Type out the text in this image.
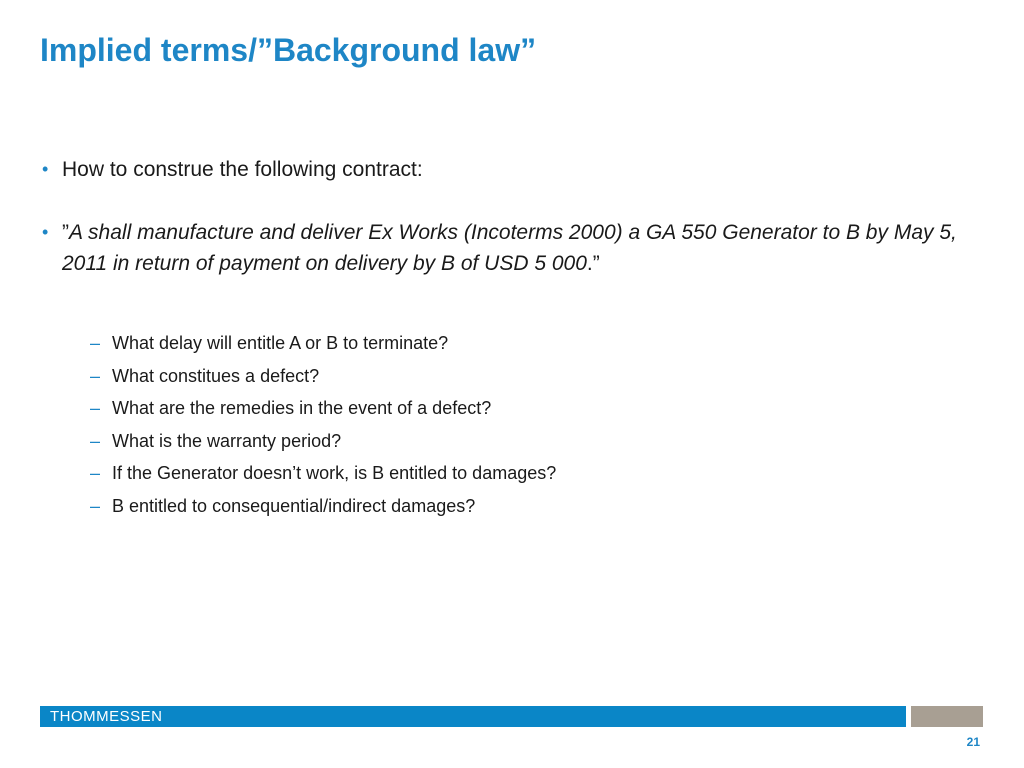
Implied terms/”Background law”
• How to construe the following contract:
• ”A shall manufacture and deliver Ex Works (Incoterms 2000) a GA 550 Generator to B by May 5, 2011 in return of payment on delivery by B of USD 5 000.”
– What delay will entitle A or B to terminate?
– What constitues a defect?
– What are the remedies in the event of a defect?
– What is the warranty period?
– If the Generator doesn’t work, is B entitled to damages?
– B entitled to consequential/indirect damages?
THOMMESSEN
21
